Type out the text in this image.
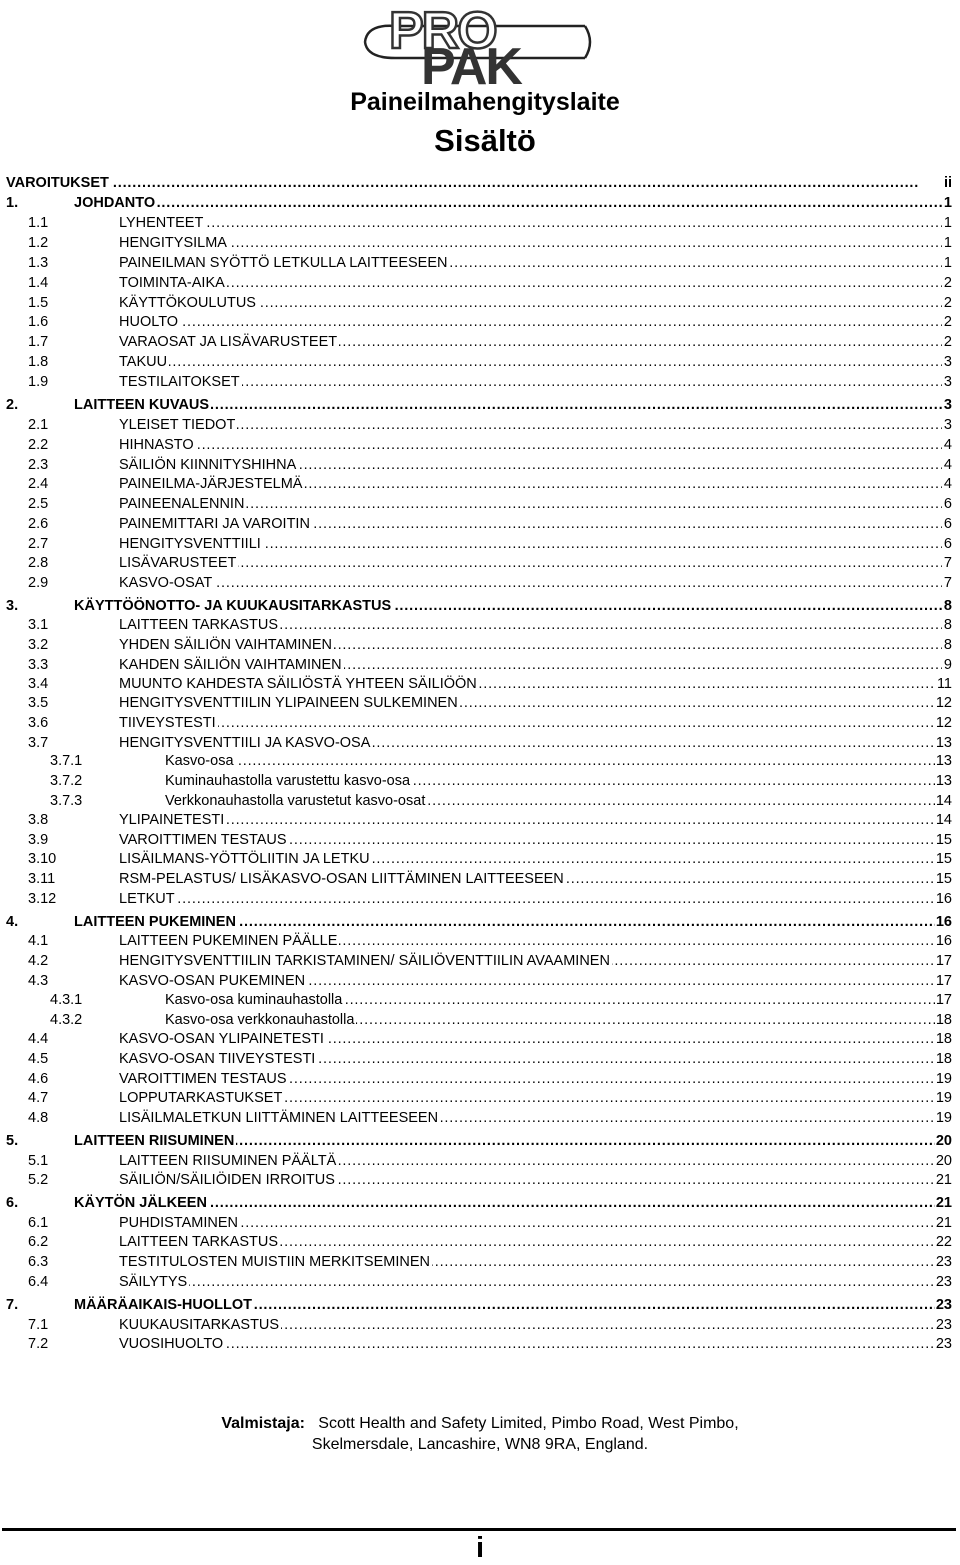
PRO
PAK
Paineilmahengityslaite
Sisältö
VAROITUKSET . . .	ii
1.	JOHDANTO . . .	1
1.1	LYHENTEET . . .	1
1.2	HENGITYSILMA . . .	1
1.3	PAINEILMAN SYÖTTÖ LETKULLA LAITTEESEEN . . .	1
1.4	TOIMINTA-AIKA . . .	2
1.5	KÄYTTÖKOULUTUS . . .	2
1.6	HUOLTO . . .	2
1.7	VARAOSAT JA LISÄVARUSTEET . . .	2
1.8	TAKUU . . .	3
1.9	TESTILAITOKSET . . .	3
2.	LAITTEEN KUVAUS . . .	3
2.1	YLEISET TIEDOT . . .	3
2.2	HIHNASTO . . .	4
2.3	SÄILIÖN KIINNITYSHIHNA . . .	4
2.4	PAINEILMA-JÄRJESTELMÄ . . .	4
2.5	PAINEENALENNIN . . .	6
2.6	PAINEMITTARI JA VAROITIN . . .	6
2.7	HENGITYSVENTTIILI . . .	6
2.8	LISÄVARUSTEET . . .	7
2.9	KASVO-OSAT . . .	7
3.	KÄYTTÖÖNOTTO- JA KUUKAUSITARKASTUS . . .	8
3.1	LAITTEEN TARKASTUS . . .	8
3.2	YHDEN SÄILIÖN VAIHTAMINEN . . .	8
3.3	KAHDEN SÄILIÖN VAIHTAMINEN . . .	9
3.4	MUUNTO KAHDESTA SÄILIÖSTÄ YHTEEN SÄILIÖÖN . . .	11
3.5	HENGITYSVENTTIILIN YLIPAINEEN SULKEMINEN . . .	12
3.6	TIIVEYSTESTI . . .	12
3.7	HENGITYSVENTTIILI JA KASVO-OSA . . .	13
3.7.1	Kasvo-osa . . .	13
3.7.2	Kuminauhastolla varustettu kasvo-osa . . .	13
3.7.3	Verkkonauhastolla varustetut kasvo-osat . . .	14
3.8	YLIPAINETESTI . . .	14
3.9	VAROITTIMEN TESTAUS . . .	15
3.10	LISÄILMANS-YÖTTÖLIITIN JA LETKU . . .	15
3.11	RSM-PELASTUS/ LISÄKASVO-OSAN LIITTÄMINEN LAITTEESEEN . . .	15
3.12	LETKUT . . .	16
4.	LAITTEEN PUKEMINEN . . .	16
4.1	LAITTEEN PUKEMINEN PÄÄLLE . . .	16
4.2	HENGITYSVENTTIILIN TARKISTAMINEN/ SÄILIÖVENTTIILIN AVAAMINEN . . .	17
4.3	KASVO-OSAN PUKEMINEN . . .	17
4.3.1	Kasvo-osa kuminauhastolla . . .	17
4.3.2	Kasvo-osa verkkonauhastolla . . .	18
4.4	KASVO-OSAN YLIPAINETESTI . . .	18
4.5	KASVO-OSAN TIIVEYSTESTI . . .	18
4.6	VAROITTIMEN TESTAUS . . .	19
4.7	LOPPUTARKASTUKSET . . .	19
4.8	LISÄILMALETKUN LIITTÄMINEN LAITTEESEEN . . .	19
5.	LAITTEEN RIISUMINEN . . .	20
5.1	LAITTEEN RIISUMINEN PÄÄLTÄ . . .	20
5.2	SÄILIÖN/SÄILIÖIDEN IRROITUS . . .	21
6.	KÄYTÖN JÄLKEEN . . .	21
6.1	PUHDISTAMINEN . . .	21
6.2	LAITTEEN TARKASTUS . . .	22
6.3	TESTITULOSTEN MUISTIIN MERKITSEMINEN . . .	23
6.4	SÄILYTYS . . .	23
7.	MÄÄRÄAIKAIS-HUOLLOT . . .	23
7.1	KUUKAUSITARKASTUS . . .	23
7.2	VUOSIHUOLTO . . .	23
Valmistaja: Scott Health and Safety Limited, Pimbo Road, West Pimbo,
Skelmersdale, Lancashire, WN8 9RA, England.
i
